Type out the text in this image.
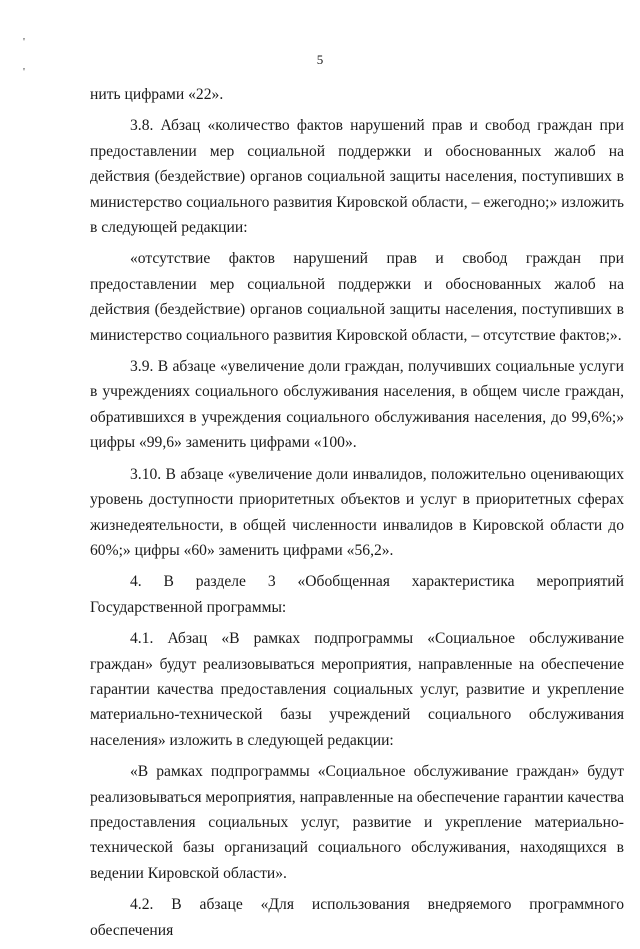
'
'
5

нить цифрами «22».

3.8. Абзац «количество фактов нарушений прав и свобод граждан при предоставлении мер социальной поддержки и обоснованных жалоб на действия (бездействие) органов социальной защиты населения, поступивших в министерство социального развития Кировской области, – ежегодно;» изложить в следующей редакции:

«отсутствие фактов нарушений прав и свобод граждан при предоставлении мер социальной поддержки и обоснованных жалоб на действия (бездействие) органов социальной защиты населения, поступивших в министерство социального развития Кировской области, – отсутствие фактов;».

3.9. В абзаце «увеличение доли граждан, получивших социальные услуги в учреждениях социального обслуживания населения, в общем числе граждан, обратившихся в учреждения социального обслуживания населения, до 99,6%;» цифры «99,6» заменить цифрами «100».

3.10. В абзаце «увеличение доли инвалидов, положительно оценивающих уровень доступности приоритетных объектов и услуг в приоритетных сферах жизнедеятельности, в общей численности инвалидов в Кировской области до 60%;» цифры «60» заменить цифрами «56,2».

4. В разделе 3 «Обобщенная характеристика мероприятий Государственной программы:

4.1. Абзац «В рамках подпрограммы «Социальное обслуживание граждан» будут реализовываться мероприятия, направленные на обеспечение гарантии качества предоставления социальных услуг, развитие и укрепление материально-технической базы учреждений социального обслуживания населения» изложить в следующей редакции:

«В рамках подпрограммы «Социальное обслуживание граждан» будут реализовываться мероприятия, направленные на обеспечение гарантии качества предоставления социальных услуг, развитие и укрепление материально-технической базы организаций социального обслуживания, находящихся в ведении Кировской области».

4.2. В абзаце «Для использования внедряемого программного обеспечения
